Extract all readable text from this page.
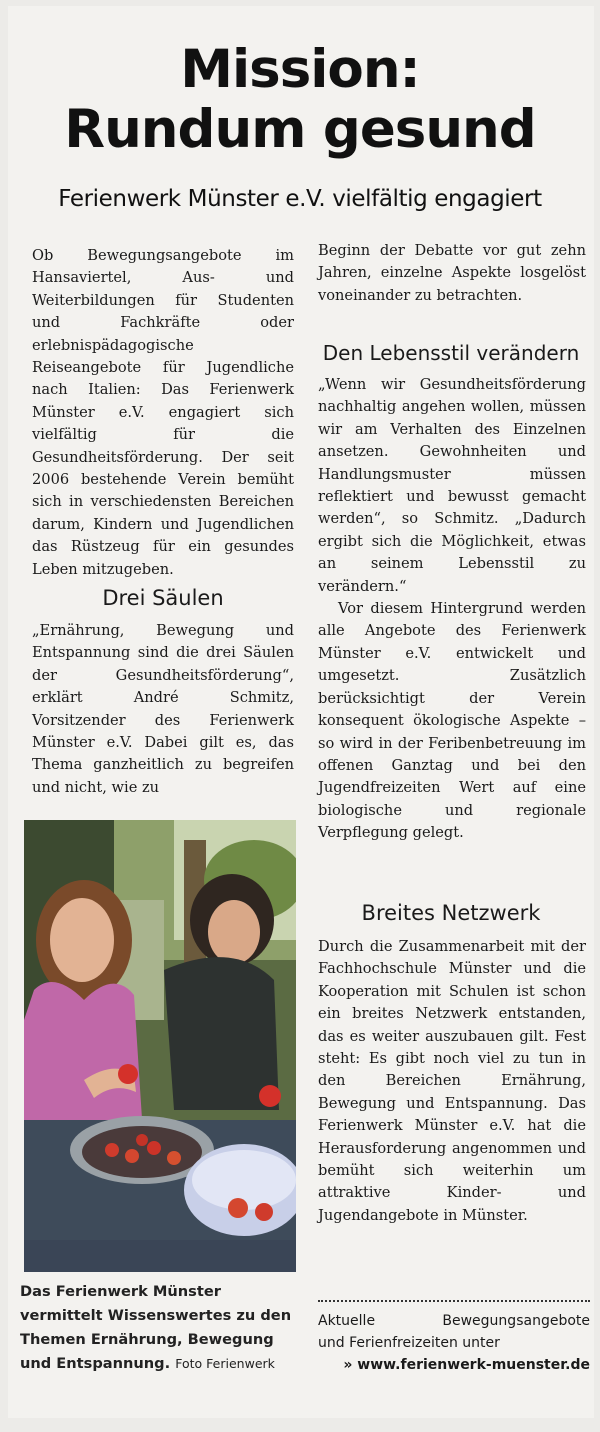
Mission:
Rundum gesund
Ferienwerk Münster e.V. vielfältig engagiert

Ob Bewegungsangebote im Hansaviertel, Aus- und Weiterbildungen für Studenten und Fachkräfte oder erlebnispädagogische Reiseangebote für Jugendliche nach Italien: Das Ferienwerk Münster e.V. engagiert sich vielfältig für die Gesundheitsförderung. Der seit 2006 bestehende Verein bemüht sich in verschiedensten Bereichen darum, Kindern und Jugendlichen das Rüstzeug für ein gesundes Leben mitzugeben.

Drei Säulen

„Ernährung, Bewegung und Entspannung sind die drei Säulen der Gesundheitsförderung“, erklärt André Schmitz, Vorsitzender des Ferienwerk Münster e.V. Dabei gilt es, das Thema ganzheitlich zu begreifen und nicht, wie zu

Beginn der Debatte vor gut zehn Jahren, einzelne Aspekte losgelöst voneinander zu betrachten.

Den Lebensstil verändern

„Wenn wir Gesundheitsförderung nachhaltig angehen wollen, müssen wir am Verhalten des Einzelnen ansetzen. Gewohnheiten und Handlungsmuster müssen reflektiert und bewusst gemacht werden“, so Schmitz. „Dadurch ergibt sich die Möglichkeit, etwas an seinem Lebensstil zu verändern.“

Vor diesem Hintergrund werden alle Angebote des Ferienwerk Münster e.V. entwickelt und umgesetzt. Zusätzlich berücksichtigt der Verein konsequent ökologische Aspekte – so wird in der Feribenbetreuung im offenen Ganztag und bei den Jugendfreizeiten Wert auf eine biologische und regionale Verpflegung gelegt.

Breites Netzwerk

Durch die Zusammenarbeit mit der Fachhochschule Münster und die Kooperation mit Schulen ist schon ein breites Netzwerk entstanden, das es weiter auszubauen gilt. Fest steht: Es gibt noch viel zu tun in den Bereichen Ernährung, Bewegung und Entspannung. Das Ferienwerk Münster e.V. hat die Herausforderung angenommen und bemüht sich weiterhin um attraktive Kinder- und Jugendangebote in Münster.

Das Ferienwerk Münster vermittelt Wissenswertes zu den Themen Ernährung, Bewegung und Entspannung. Foto Ferienwerk
Aktuelle	Bewegungsangebote
und Ferienfreizeiten unter
» www.ferienwerk-muenster.de
